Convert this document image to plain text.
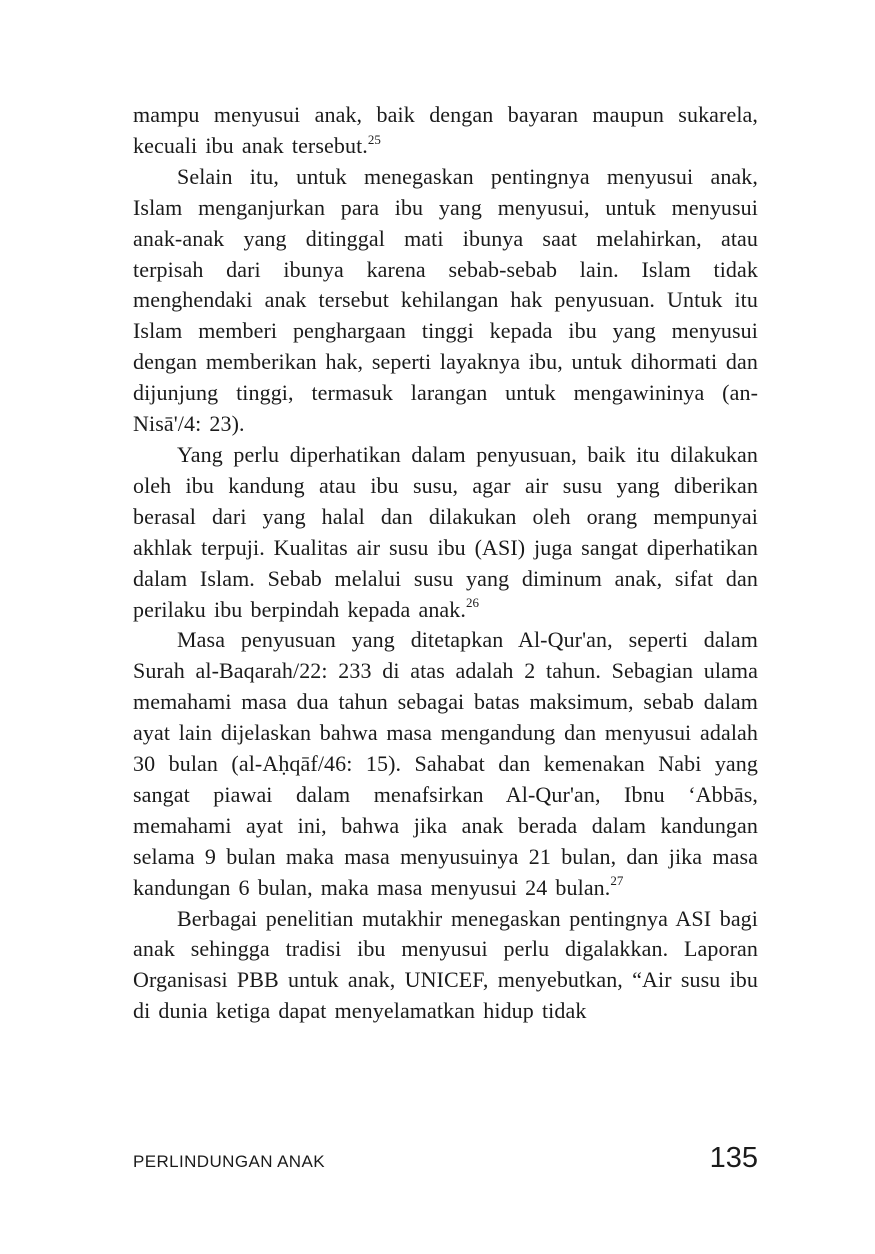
mampu menyusui anak, baik dengan bayaran maupun sukarela, kecuali ibu anak tersebut.$^{25}$

Selain itu, untuk menegaskan pentingnya menyusui anak, Islam menganjurkan para ibu yang menyusui, untuk menyusui anak-anak yang ditinggal mati ibunya saat melahirkan, atau terpisah dari ibunya karena sebab-sebab lain. Islam tidak menghendaki anak tersebut kehilangan hak penyusuan. Untuk itu Islam memberi penghargaan tinggi kepada ibu yang menyusui dengan memberikan hak, seperti layaknya ibu, untuk dihormati dan dijunjung tinggi, termasuk larangan untuk mengawininya (an-Nisā'/4: 23).

Yang perlu diperhatikan dalam penyusuan, baik itu dilakukan oleh ibu kandung atau ibu susu, agar air susu yang diberikan berasal dari yang halal dan dilakukan oleh orang mempunyai akhlak terpuji. Kualitas air susu ibu (ASI) juga sangat diperhatikan dalam Islam. Sebab melalui susu yang diminum anak, sifat dan perilaku ibu berpindah kepada anak.$^{26}$

Masa penyusuan yang ditetapkan Al-Qur'an, seperti dalam Surah al-Baqarah/22: 233 di atas adalah 2 tahun. Sebagian ulama memahami masa dua tahun sebagai batas maksimum, sebab dalam ayat lain dijelaskan bahwa masa mengandung dan menyusui adalah 30 bulan (al-Aḥqāf/46: 15). Sahabat dan kemenakan Nabi yang sangat piawai dalam menafsirkan Al-Qur'an, Ibnu ʻAbbās, memahami ayat ini, bahwa jika anak berada dalam kandungan selama 9 bulan maka masa menyusuinya 21 bulan, dan jika masa kandungan 6 bulan, maka masa menyusui 24 bulan.$^{27}$

Berbagai penelitian mutakhir menegaskan pentingnya ASI bagi anak sehingga tradisi ibu menyusui perlu digalakkan. Laporan Organisasi PBB untuk anak, UNICEF, menyebutkan, “Air susu ibu di dunia ketiga dapat menyelamatkan hidup tidak

PERLINDUNGAN ANAK	135
